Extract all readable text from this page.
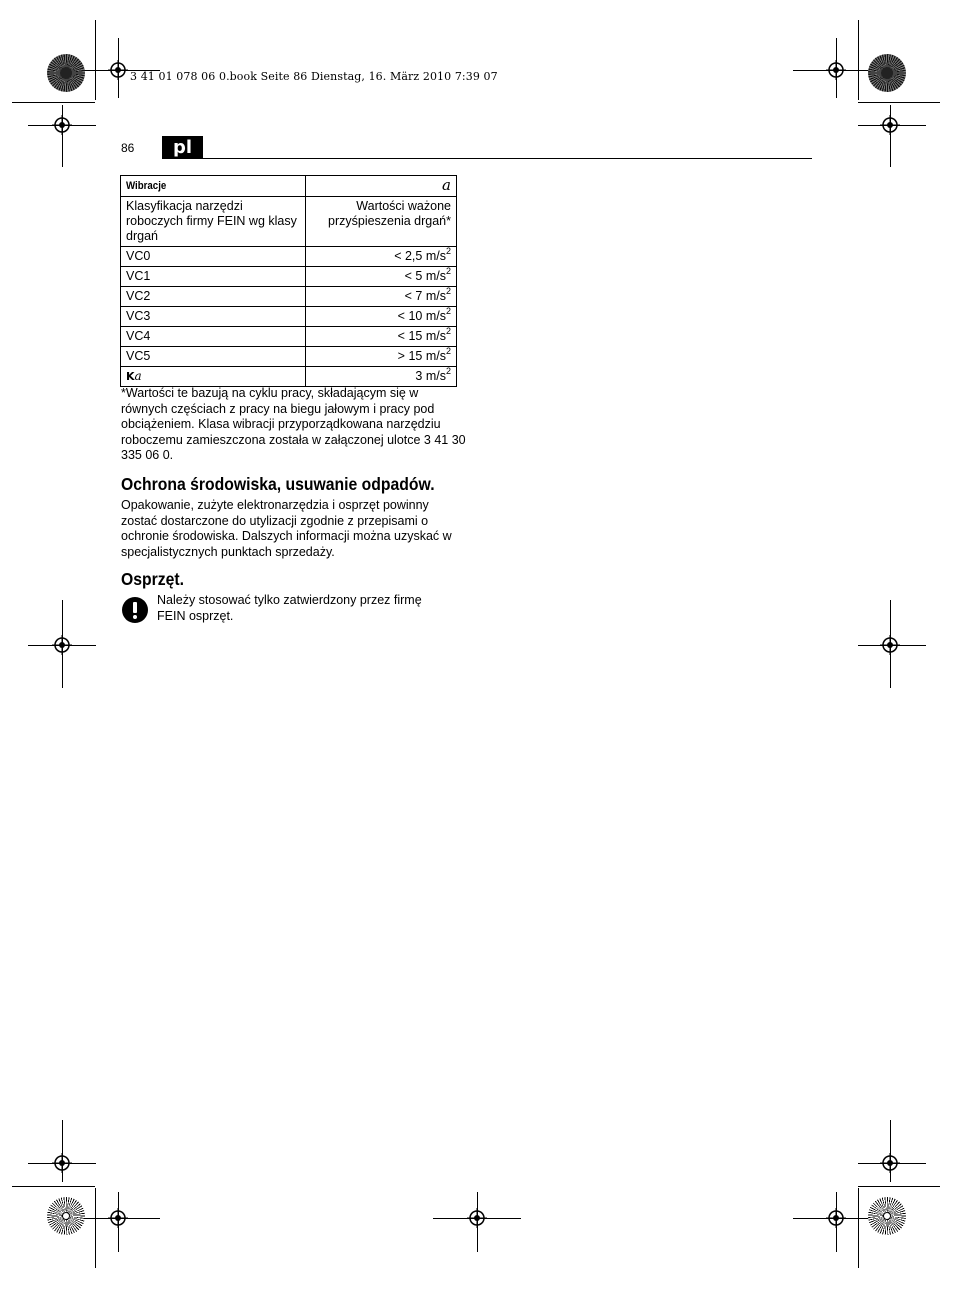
3 41 01 078 06 0.book Seite 86 Dienstag, 16. März 2010 7:39 07
86	pl
Wibracje	a
Klasyfikacja narzędzi roboczych firmy FEIN wg klasy drgań	Wartości ważone przyśpieszenia drgań*
VC0	< 2,5 $m/s^2$
VC1	< 5 $m/s^2$
VC2	< 7 $m/s^2$
VC3	< 10 $m/s^2$
VC4	< 15 $m/s^2$
VC5	> 15 $m/s^2$
Ka	3 $m/s^2$
*Wartości te bazują na cyklu pracy, składającym się w równych częściach z pracy na biegu jałowym i pracy pod obciążeniem. Klasa wibracji przyporządkowana narzędziu roboczemu zamieszczona została w załączonej ulotce 3 41 30 335 06 0.
Ochrona środowiska, usuwanie odpadów.
Opakowanie, zużyte elektronarzędzia i osprzęt powinny zostać dostarczone do utylizacji zgodnie z przepisami o ochronie środowiska. Dalszych informacji można uzyskać w specjalistycznych punktach sprzedaży.
Osprzęt.
Należy stosować tylko zatwierdzony przez firmę FEIN osprzęt.
